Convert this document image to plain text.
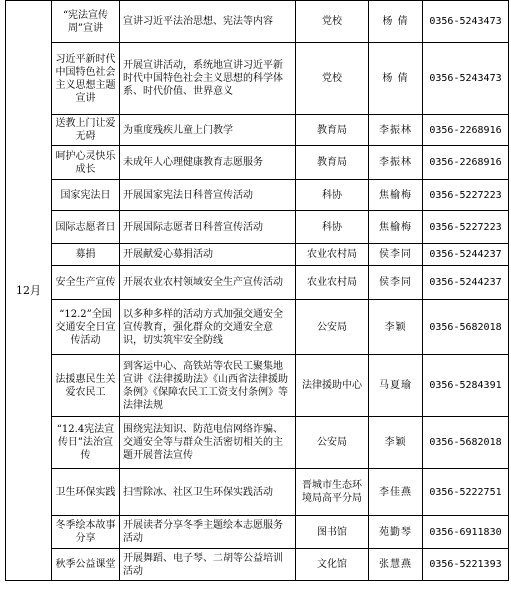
12月	“宪法宣传周”宣讲	宣讲习近平法治思想、宪法等内容	党校	杨 倩	0356-5243473
	习近平新时代中国特色社会主义思想主题宣讲	开展宣讲活动，系统地宣讲习近平新时代中国特色社会主义思想的科学体系、时代价值、世界意义	党校	杨 倩	0356-5243473
	送教上门让爱无碍	为重度残疾儿童上门教学	教育局	李振林	0356-2268916
	呵护心灵快乐成长	未成年人心理健康教育志愿服务	教育局	李振林	0356-2268916
	国家宪法日	开展国家宪法日科普宣传活动	科协	焦榆梅	0356-5227223
	国际志愿者日	开展国际志愿者日科普宣传活动	科协	焦榆梅	0356-5227223
	募捐	开展献爱心募捐活动	农业农村局	侯李同	0356-5244237
	安全生产宣传	开展农业农村领域安全生产宣传活动	农业农村局	侯李同	0356-5244237
	“12.2”全国交通安全日宣传活动	以多种多样的活动方式加强交通安全宣传教育，强化群众的交通安全意识，切实筑牢安全防线	公安局	李颖	0356-5682018
	法援惠民生关爱农民工	到客运中心、高铁站等农民工聚集地宣讲《法律援助法》《山西省法律援助条例》《保障农民工工资支付条例》等法律法规	法律援助中心	马夏瑜	0356-5284391
	“12.4宪法宣传日”法治宣传	围绕宪法知识、防范电信网络诈骗、交通安全等与群众生活密切相关的主题开展普法宣传	公安局	李颖	0356-5682018
	卫生环保实践	扫雪除冰、社区卫生环保实践活动	晋城市生态环境局高平分局	李佳燕	0356-5222751
	冬季绘本故事分享	开展读者分享冬季主题绘本志愿服务活动	图书馆	苑勤琴	0356-6911830
	秋季公益课堂	开展舞蹈、电子琴、二胡等公益培训活动	文化馆	张慧燕	0356-5221393
